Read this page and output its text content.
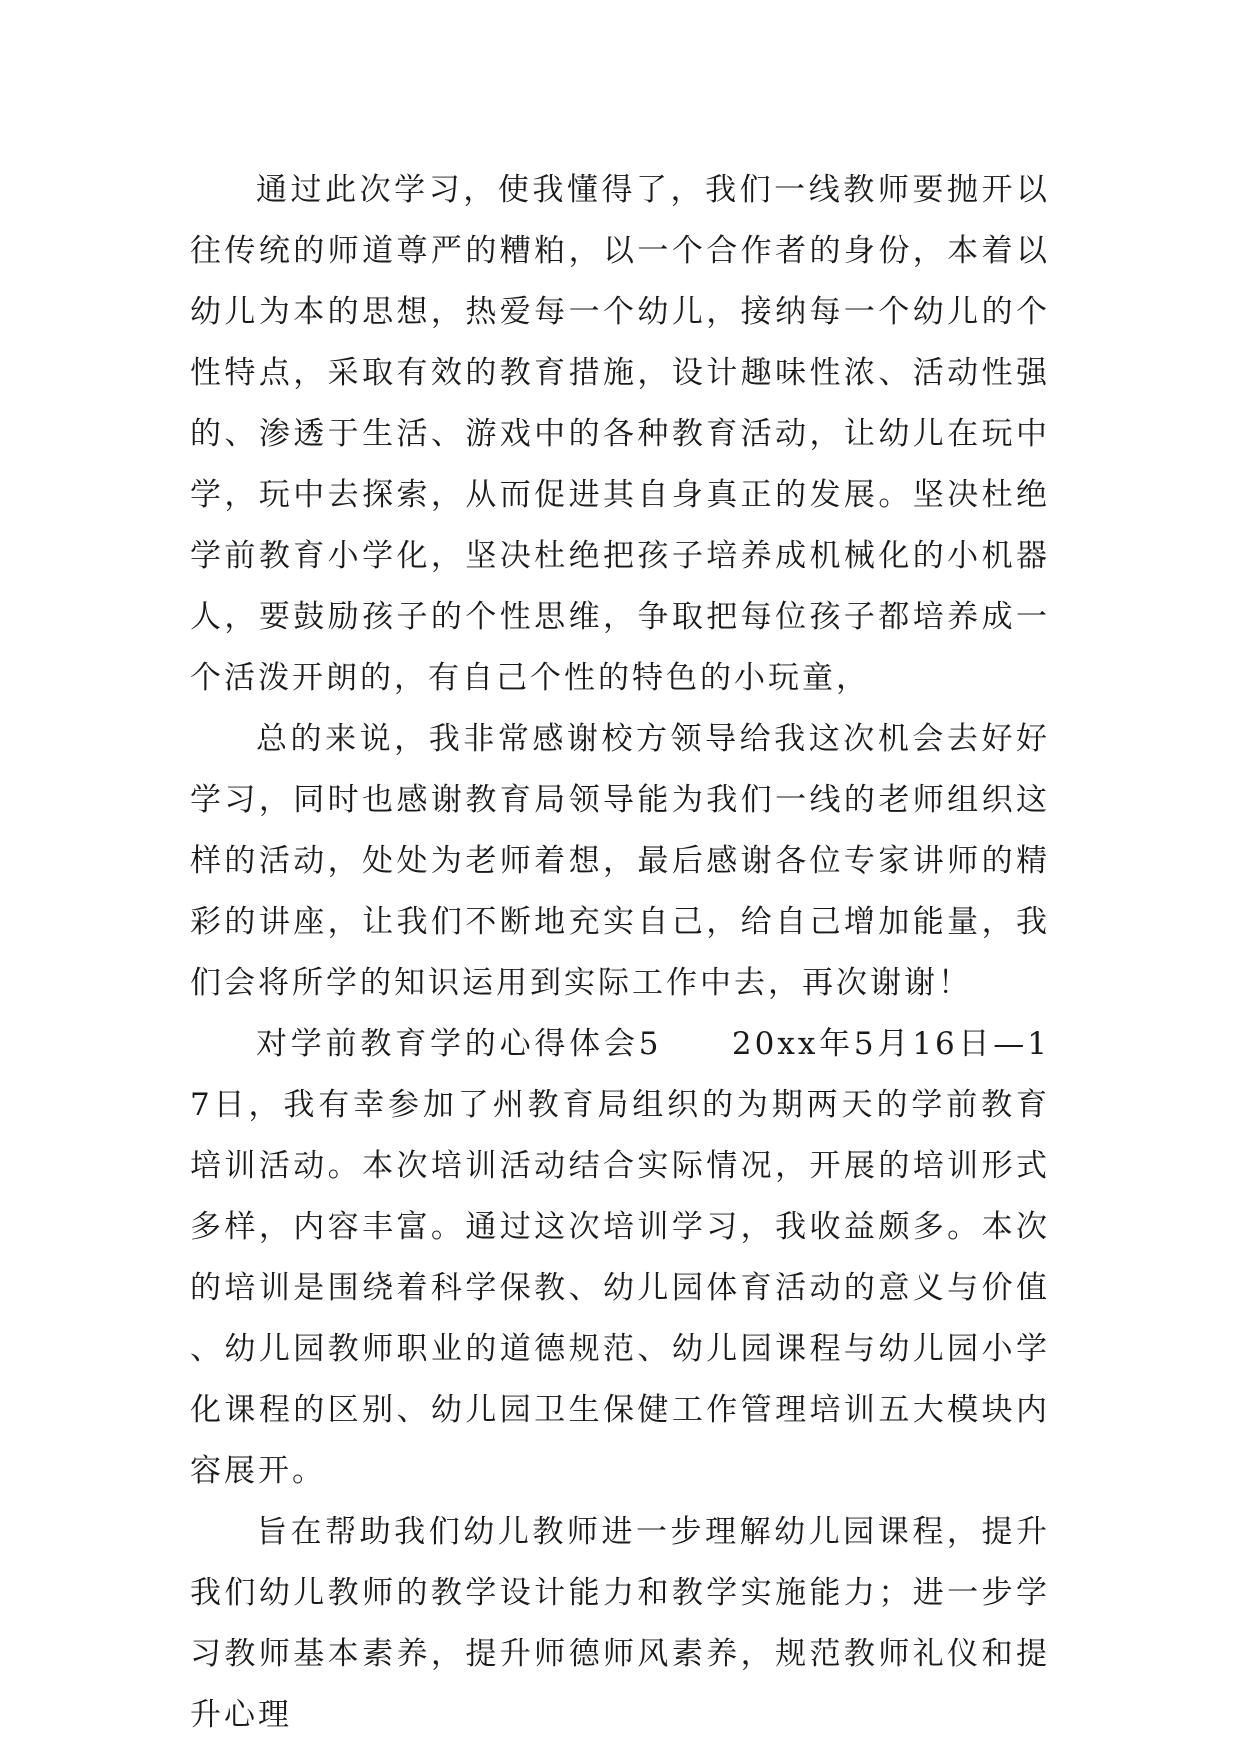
通过此次学习，使我懂得了，我们一线教师要抛开以往传统的师道尊严的糟粕，以一个合作者的身份，本着以幼儿为本的思想，热爱每一个幼儿，接纳每一个幼儿的个性特点，采取有效的教育措施，设计趣味性浓、活动性强的、渗透于生活、游戏中的各种教育活动，让幼儿在玩中学，玩中去探索，从而促进其自身真正的发展。坚决杜绝学前教育小学化，坚决杜绝把孩子培养成机械化的小机器人，要鼓励孩子的个性思维，争取把每位孩子都培养成一个活泼开朗的，有自己个性的特色的小玩童，

总的来说，我非常感谢校方领导给我这次机会去好好学习，同时也感谢教育局领导能为我们一线的老师组织这样的活动，处处为老师着想，最后感谢各位专家讲师的精彩的讲座，让我们不断地充实自己，给自己增加能量，我们会将所学的知识运用到实际工作中去，再次谢谢！

对学前教育学的心得体会5　　20xx年5月16日—17日，我有幸参加了州教育局组织的为期两天的学前教育培训活动。本次培训活动结合实际情况，开展的培训形式多样，内容丰富。通过这次培训学习，我收益颇多。本次的培训是围绕着科学保教、幼儿园体育活动的意义与价值、幼儿园教师职业的道德规范、幼儿园课程与幼儿园小学化课程的区别、幼儿园卫生保健工作管理培训五大模块内容展开。

旨在帮助我们幼儿教师进一步理解幼儿园课程，提升我们幼儿教师的教学设计能力和教学实施能力；进一步学习教师基本素养，提升师德师风素养，规范教师礼仪和提升心理
